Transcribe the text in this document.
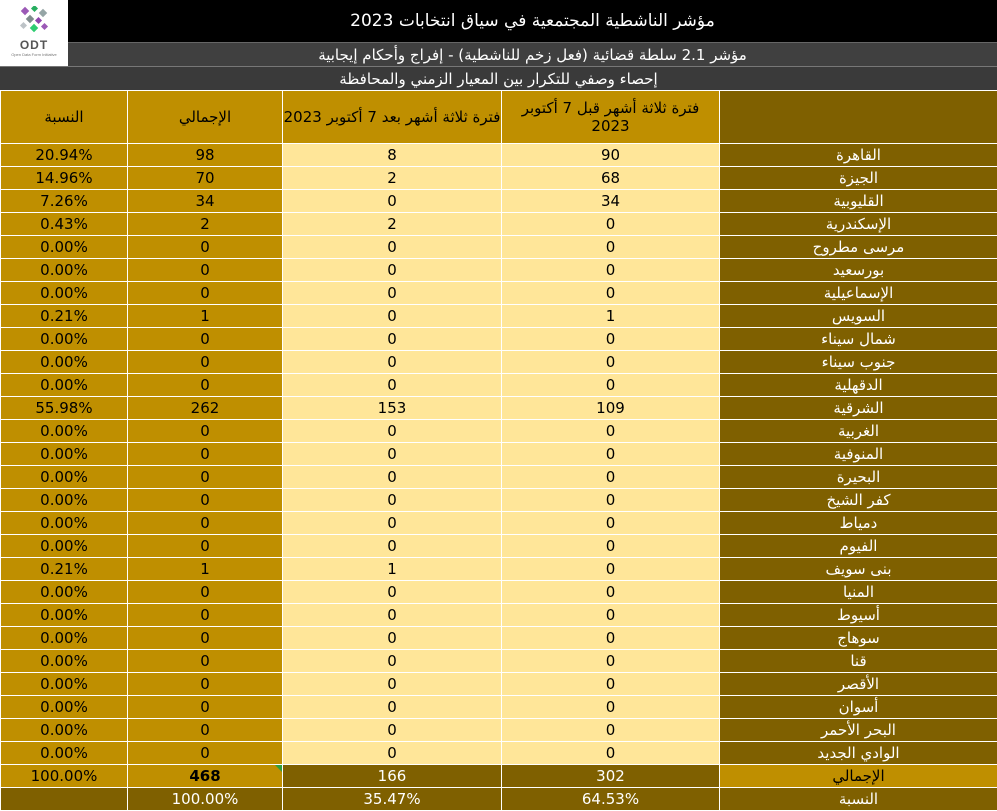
ODT
Open Data Form Initiative
مؤشر الناشطية المجتمعية في سياق انتخابات 2023
مؤشر 2.1 سلطة قضائية (فعل زخم للناشطية) - إفراج وأحكام إيجابية
إحصاء وصفي للتكرار بين المعيار الزمني والمحافظة
النسبة	الإجمالي	فترة ثلاثة أشهر بعد 7 أكتوبر 2023	فترة ثلاثة أشهر قبل 7 أكتوبر 2023	
20.94%	98	8	90	القاهرة
14.96%	70	2	68	الجيزة
7.26%	34	0	34	القليوبية
0.43%	2	2	0	الإسكندرية
0.00%	0	0	0	مرسى مطروح
0.00%	0	0	0	بورسعيد
0.00%	0	0	0	الإسماعيلية
0.21%	1	0	1	السويس
0.00%	0	0	0	شمال سيناء
0.00%	0	0	0	جنوب سيناء
0.00%	0	0	0	الدقهلية
55.98%	262	153	109	الشرقية
0.00%	0	0	0	الغربية
0.00%	0	0	0	المنوفية
0.00%	0	0	0	البحيرة
0.00%	0	0	0	كفر الشيخ
0.00%	0	0	0	دمياط
0.00%	0	0	0	الفيوم
0.21%	1	1	0	بنى سويف
0.00%	0	0	0	المنيا
0.00%	0	0	0	أسيوط
0.00%	0	0	0	سوهاج
0.00%	0	0	0	قنا
0.00%	0	0	0	الأقصر
0.00%	0	0	0	أسوان
0.00%	0	0	0	البحر الأحمر
0.00%	0	0	0	الوادي الجديد
100.00%	468	166	302	الإجمالي
	100.00%	35.47%	64.53%	النسبة
